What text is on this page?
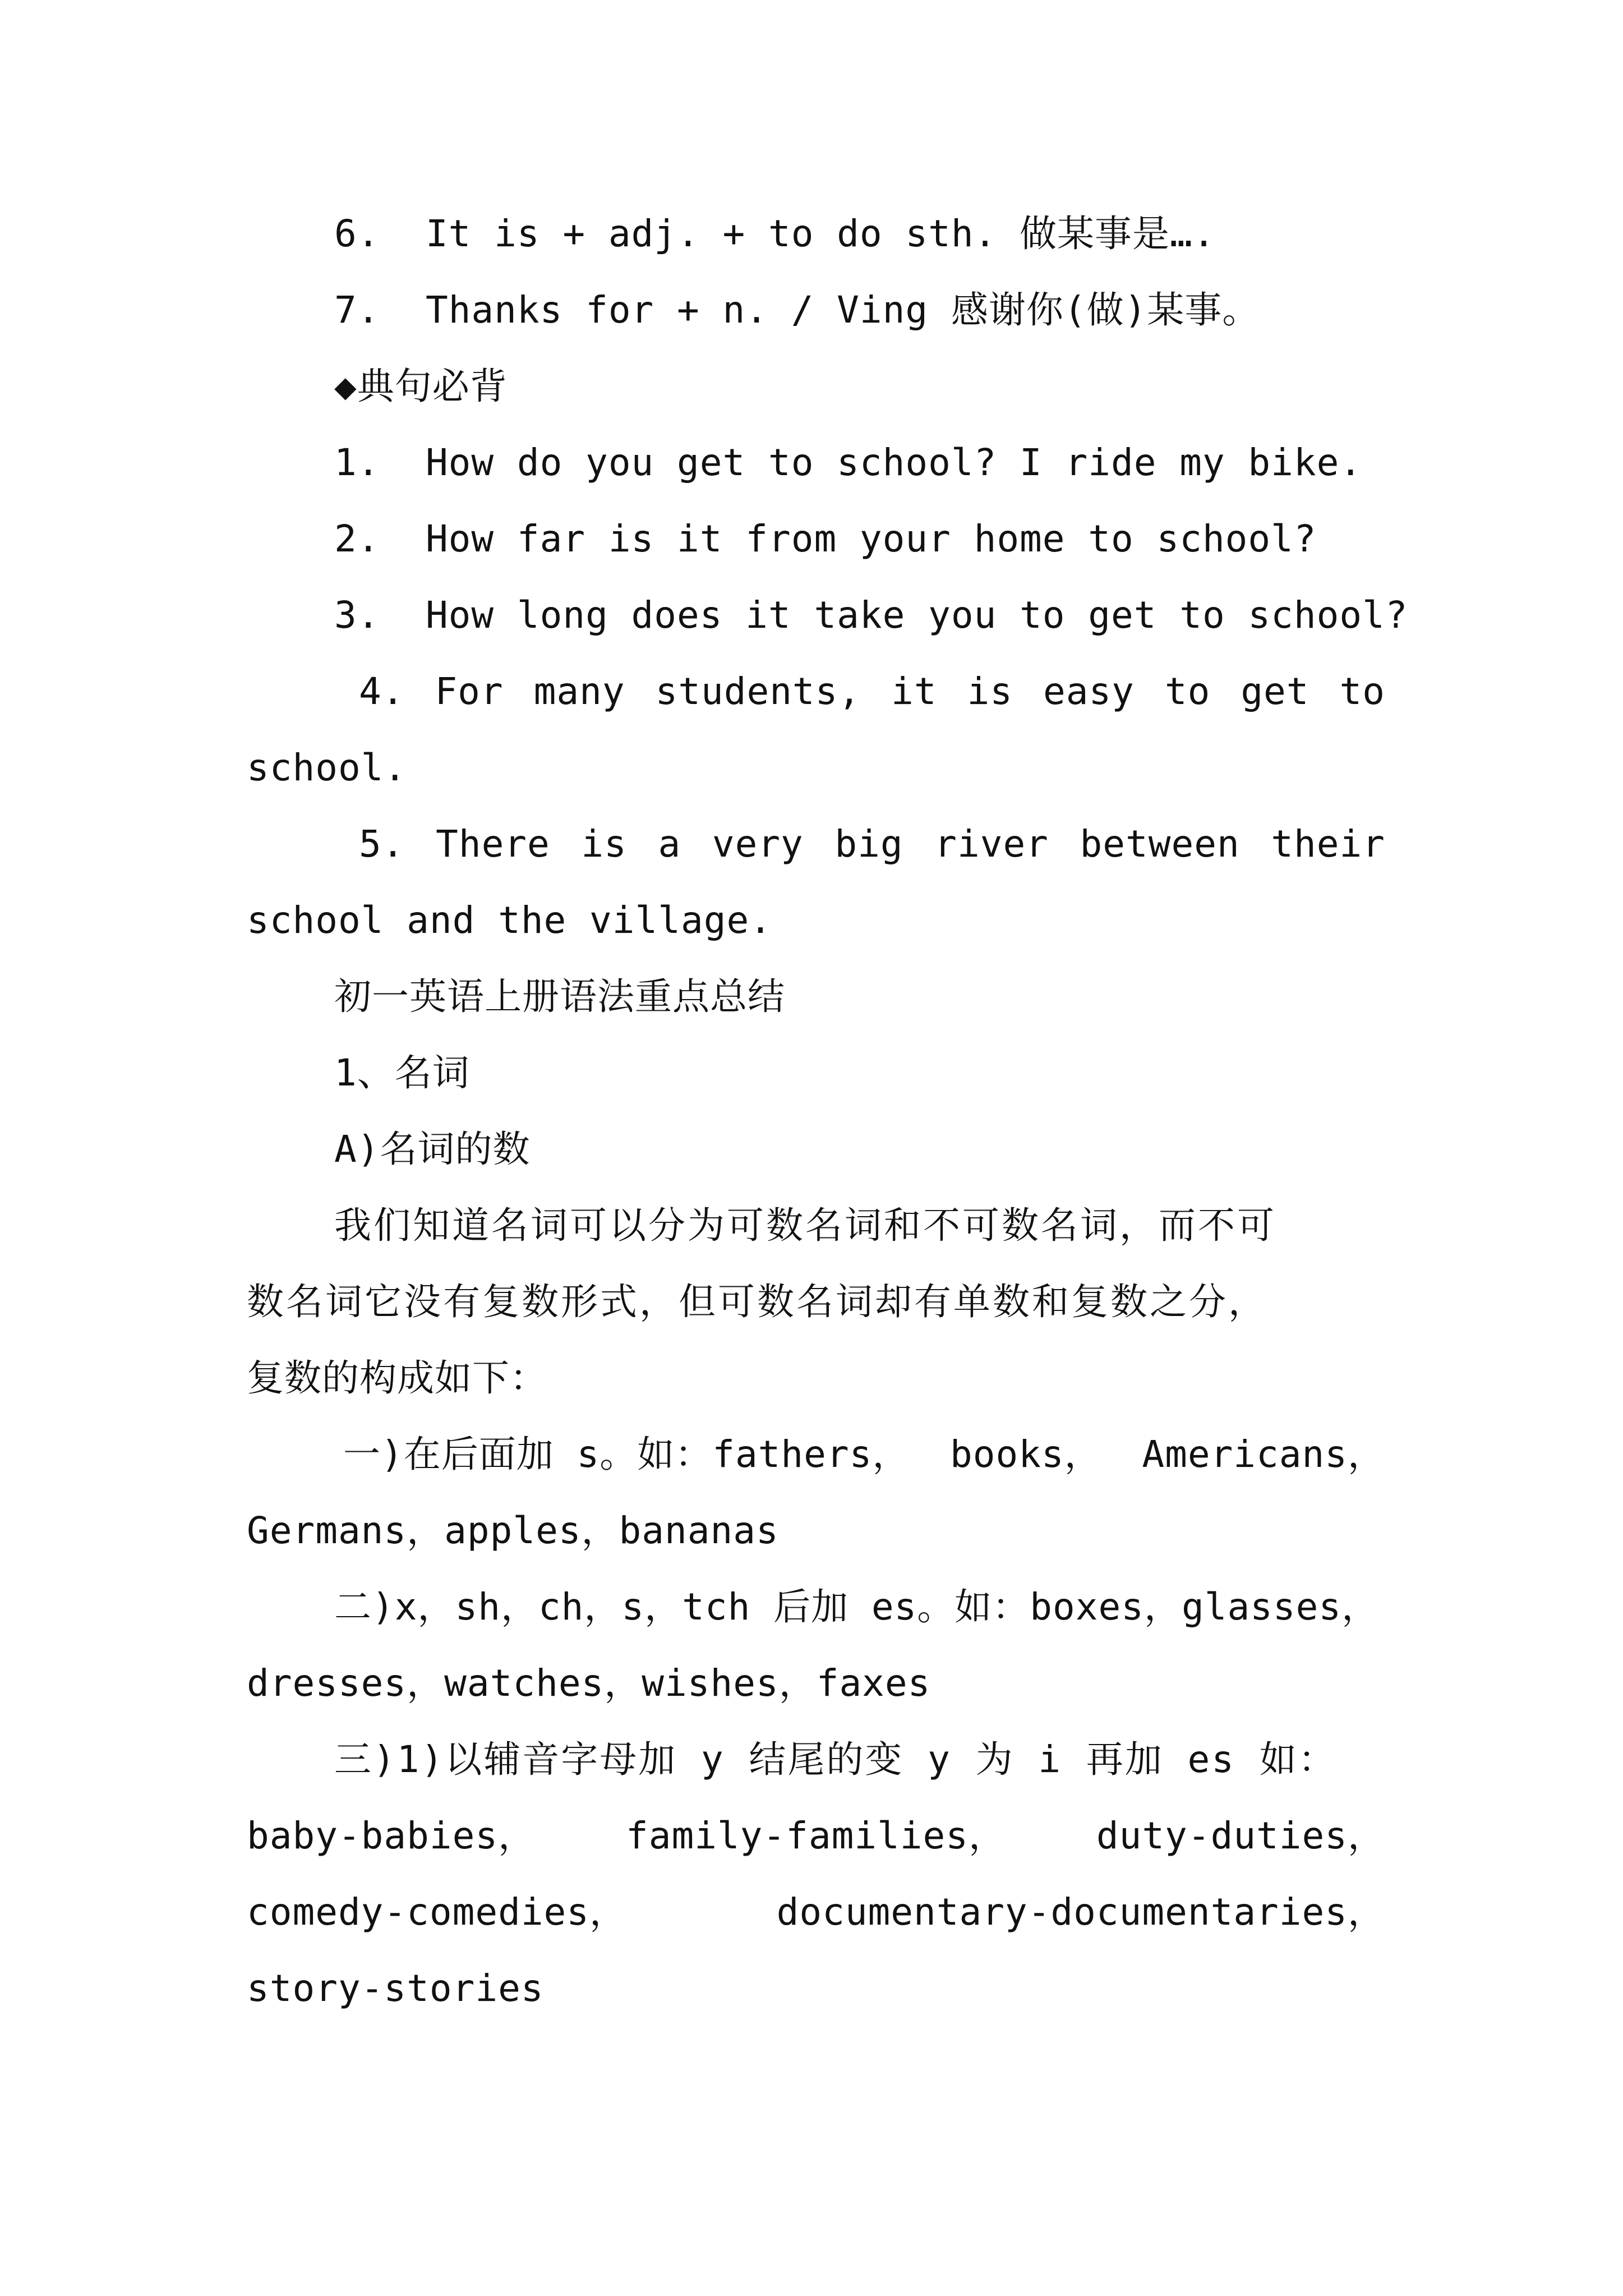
6.  It is + adj. + to do sth. 做某事是….
7.  Thanks for + n. / Ving 感谢你(做)某事。
◆典句必背
1.  How do you get to school? I ride my bike.
2.  How far is it from your home to school?
3.  How long does it take you to get to school?
4. For many students, it is easy to get to
school.
5. There is a very big river between their
school and the village.
初一英语上册语法重点总结
1、名词
A)名词的数
我们知道名词可以分为可数名词和不可数名词，而不可
数名词它没有复数形式，但可数名词却有单数和复数之分，
复数的构成如下：
一)在后面加 s。如：fathers， books， Americans，
Germans，apples，bananas
二)x，sh，ch，s，tch 后加 es。如：boxes，glasses，
dresses，watches，wishes，faxes
三)1)以辅音字母加 y 结尾的变 y 为 i 再加 es 如：
baby-babies， family-families， duty-duties，
comedy-comedies，	documentary-documentaries，
story-stories
